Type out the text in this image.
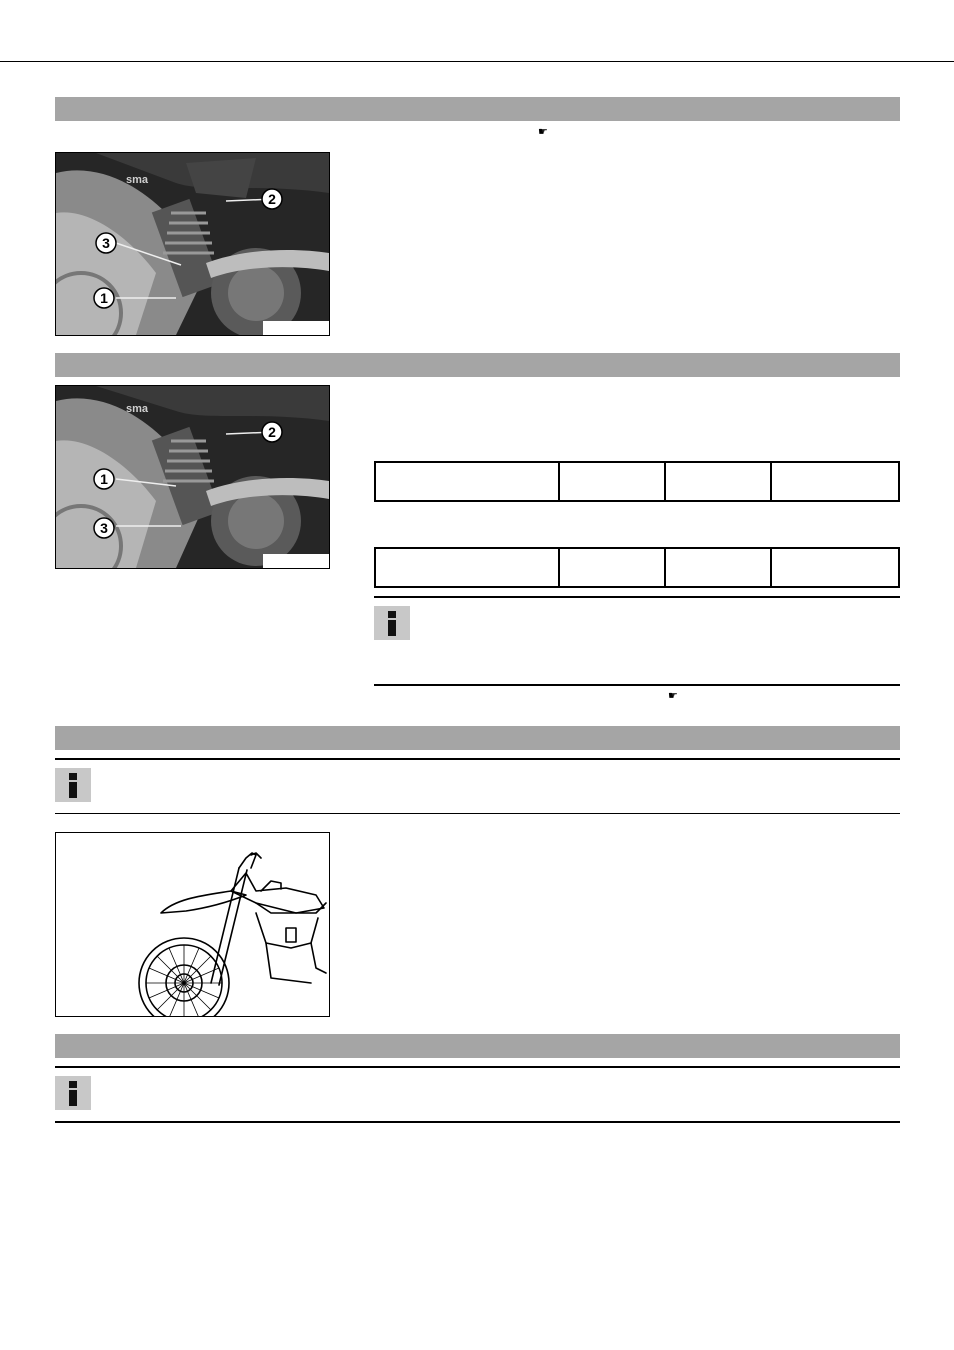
☛
sma
1
2
3
sma
1
2
3

☛
